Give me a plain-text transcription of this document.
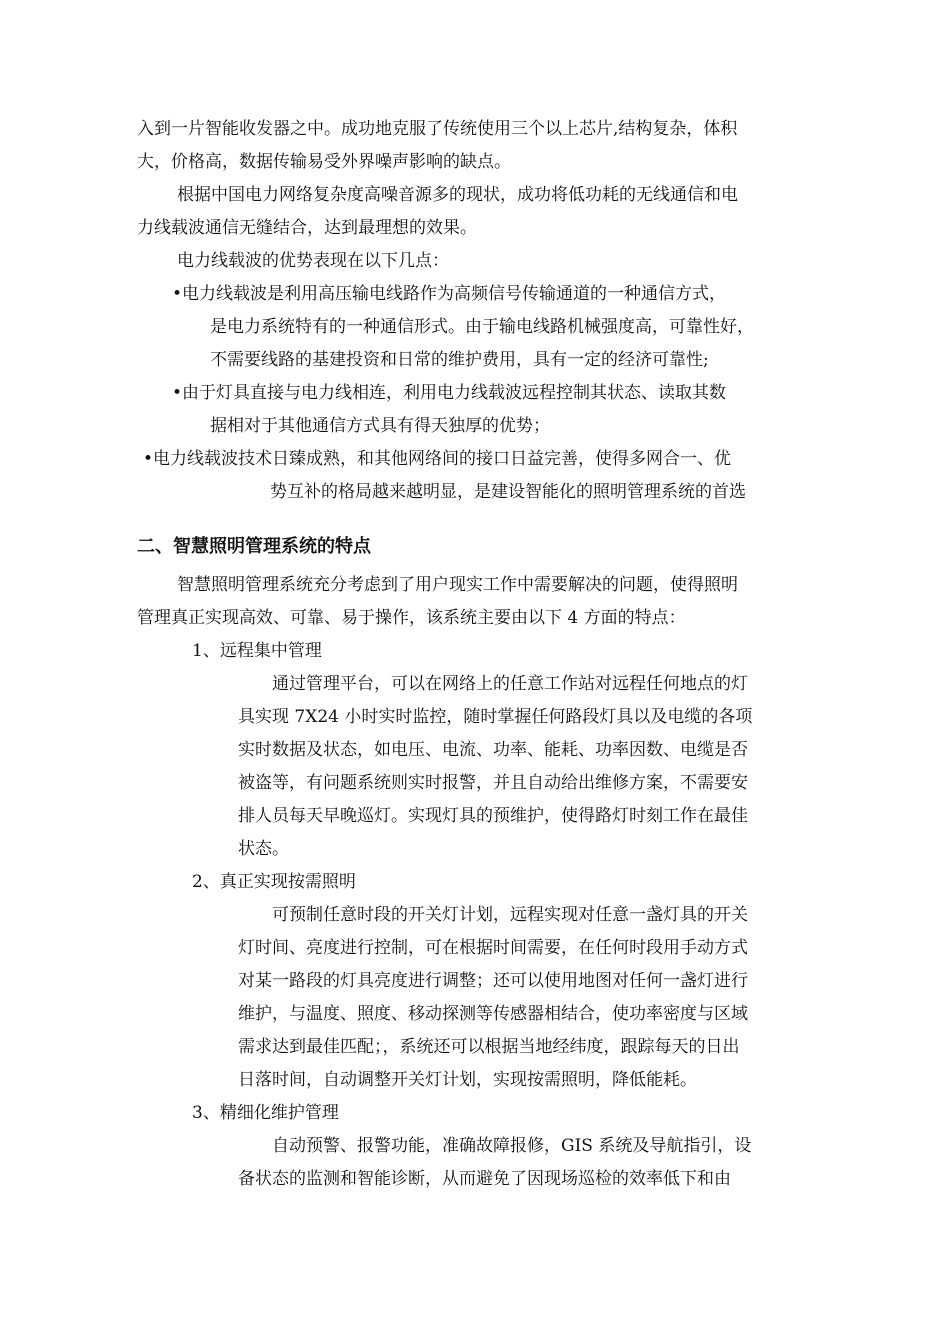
入到一片智能收发器之中。成功地克服了传统使用三个以上芯片,结构复杂，体积
大，价格高，数据传输易受外界噪声影响的缺点。
根据中国电力网络复杂度高噪音源多的现状，成功将低功耗的无线通信和电
力线载波通信无缝结合，达到最理想的效果。
电力线载波的优势表现在以下几点：
•电力线载波是利用高压输电线路作为高频信号传输通道的一种通信方式，
是电力系统特有的一种通信形式。由于输电线路机械强度高，可靠性好，
不需要线路的基建投资和日常的维护费用，具有一定的经济可靠性;
•由于灯具直接与电力线相连，利用电力线载波远程控制其状态、读取其数
据相对于其他通信方式具有得天独厚的优势；
•电力线载波技术日臻成熟，和其他网络间的接口日益完善，使得多网合一、优
势互补的格局越来越明显，是建设智能化的照明管理系统的首选
二、智慧照明管理系统的特点
智慧照明管理系统充分考虑到了用户现实工作中需要解决的问题，使得照明
管理真正实现高效、可靠、易于操作，该系统主要由以下 4 方面的特点：
1、远程集中管理
通过管理平台，可以在网络上的任意工作站对远程任何地点的灯
具实现 7X24 小时实时监控，随时掌握任何路段灯具以及电缆的各项
实时数据及状态，如电压、电流、功率、能耗、功率因数、电缆是否
被盗等，有问题系统则实时报警，并且自动给出维修方案，不需要安
排人员每天早晚巡灯。实现灯具的预维护，使得路灯时刻工作在最佳
状态。
2、真正实现按需照明
可预制任意时段的开关灯计划，远程实现对任意一盏灯具的开关
灯时间、亮度进行控制，可在根据时间需要，在任何时段用手动方式
对某一路段的灯具亮度进行调整；还可以使用地图对任何一盏灯进行
维护，与温度、照度、移动探测等传感器相结合，使功率密度与区域
需求达到最佳匹配；，系统还可以根据当地经纬度，跟踪每天的日出
日落时间，自动调整开关灯计划，实现按需照明，降低能耗。
3、精细化维护管理
自动预警、报警功能，准确故障报修，GIS 系统及导航指引，设
备状态的监测和智能诊断，从而避免了因现场巡检的效率低下和由
